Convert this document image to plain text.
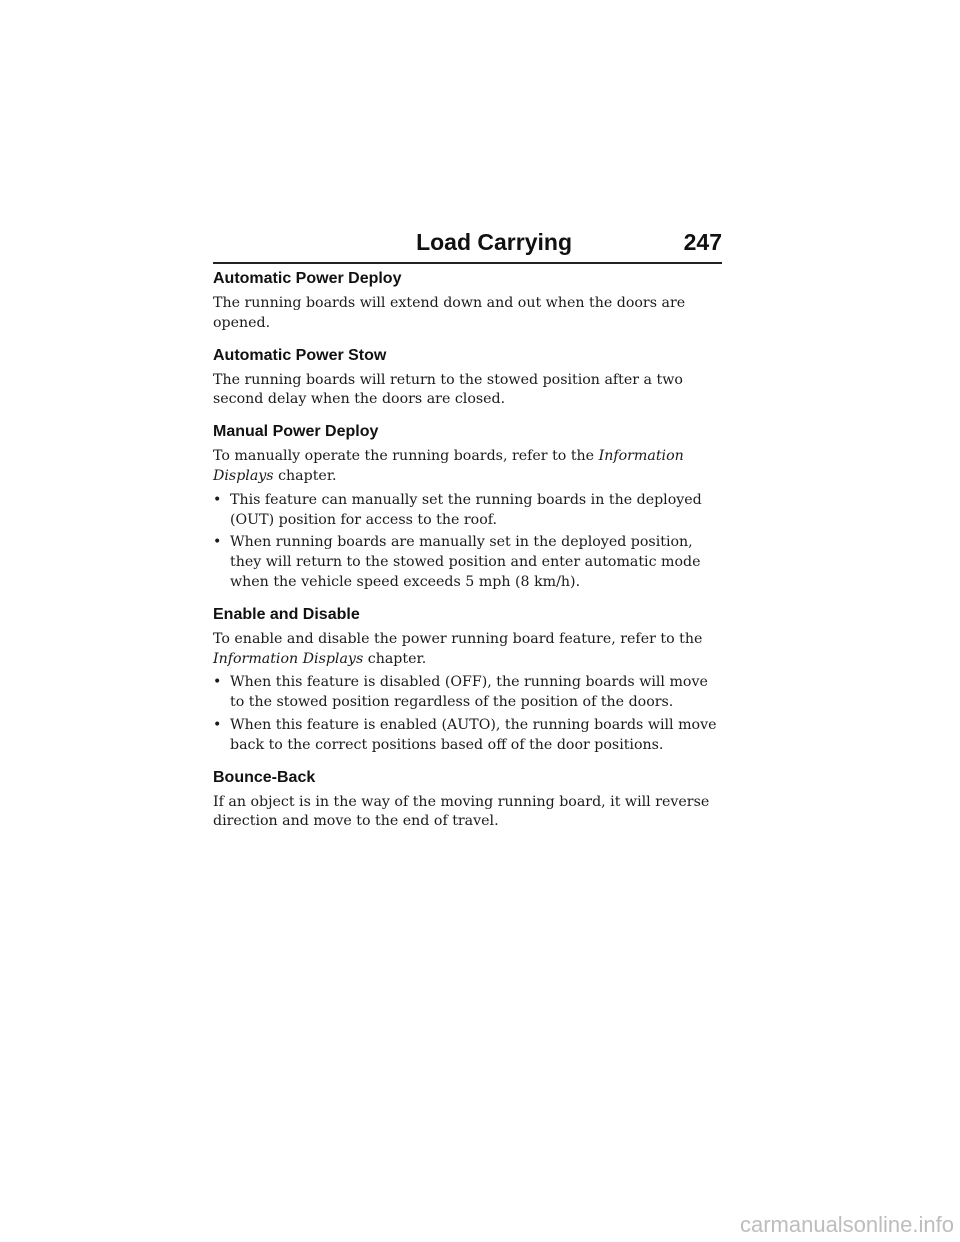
Load Carrying	247
Automatic Power Deploy

The running boards will extend down and out when the doors are opened.

Automatic Power Stow

The running boards will return to the stowed position after a two second delay when the doors are closed.

Manual Power Deploy

To manually operate the running boards, refer to the Information Displays chapter.

• This feature can manually set the running boards in the deployed (OUT) position for access to the roof.
• When running boards are manually set in the deployed position, they will return to the stowed position and enter automatic mode when the vehicle speed exceeds 5 mph (8 km/h).
Enable and Disable

To enable and disable the power running board feature, refer to the Information Displays chapter.

• When this feature is disabled (OFF), the running boards will move to the stowed position regardless of the position of the doors.
• When this feature is enabled (AUTO), the running boards will move back to the correct positions based off of the door positions.
Bounce-Back

If an object is in the way of the moving running board, it will reverse direction and move to the end of travel.

carmanualsonline.info
